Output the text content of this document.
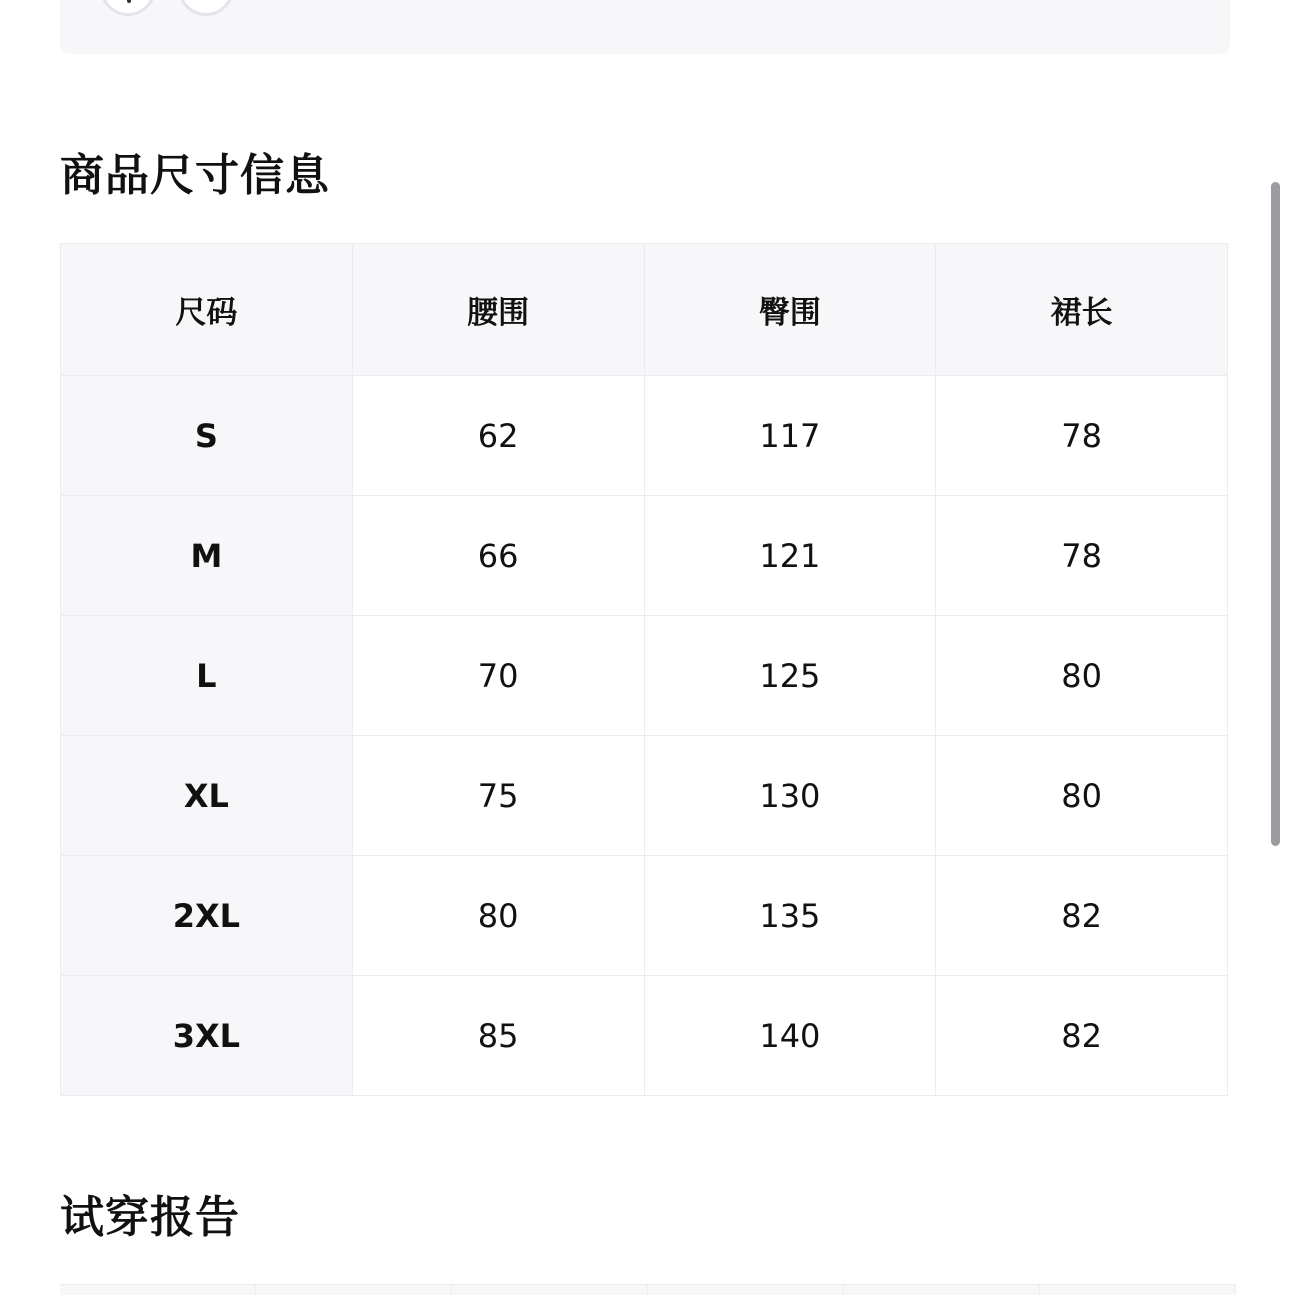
商品尺寸信息
尺码	腰围	臀围	裙长
S	62	117	78
M	66	121	78
L	70	125	80
XL	75	130	80
2XL	80	135	82
3XL	85	140	82
试穿报告
